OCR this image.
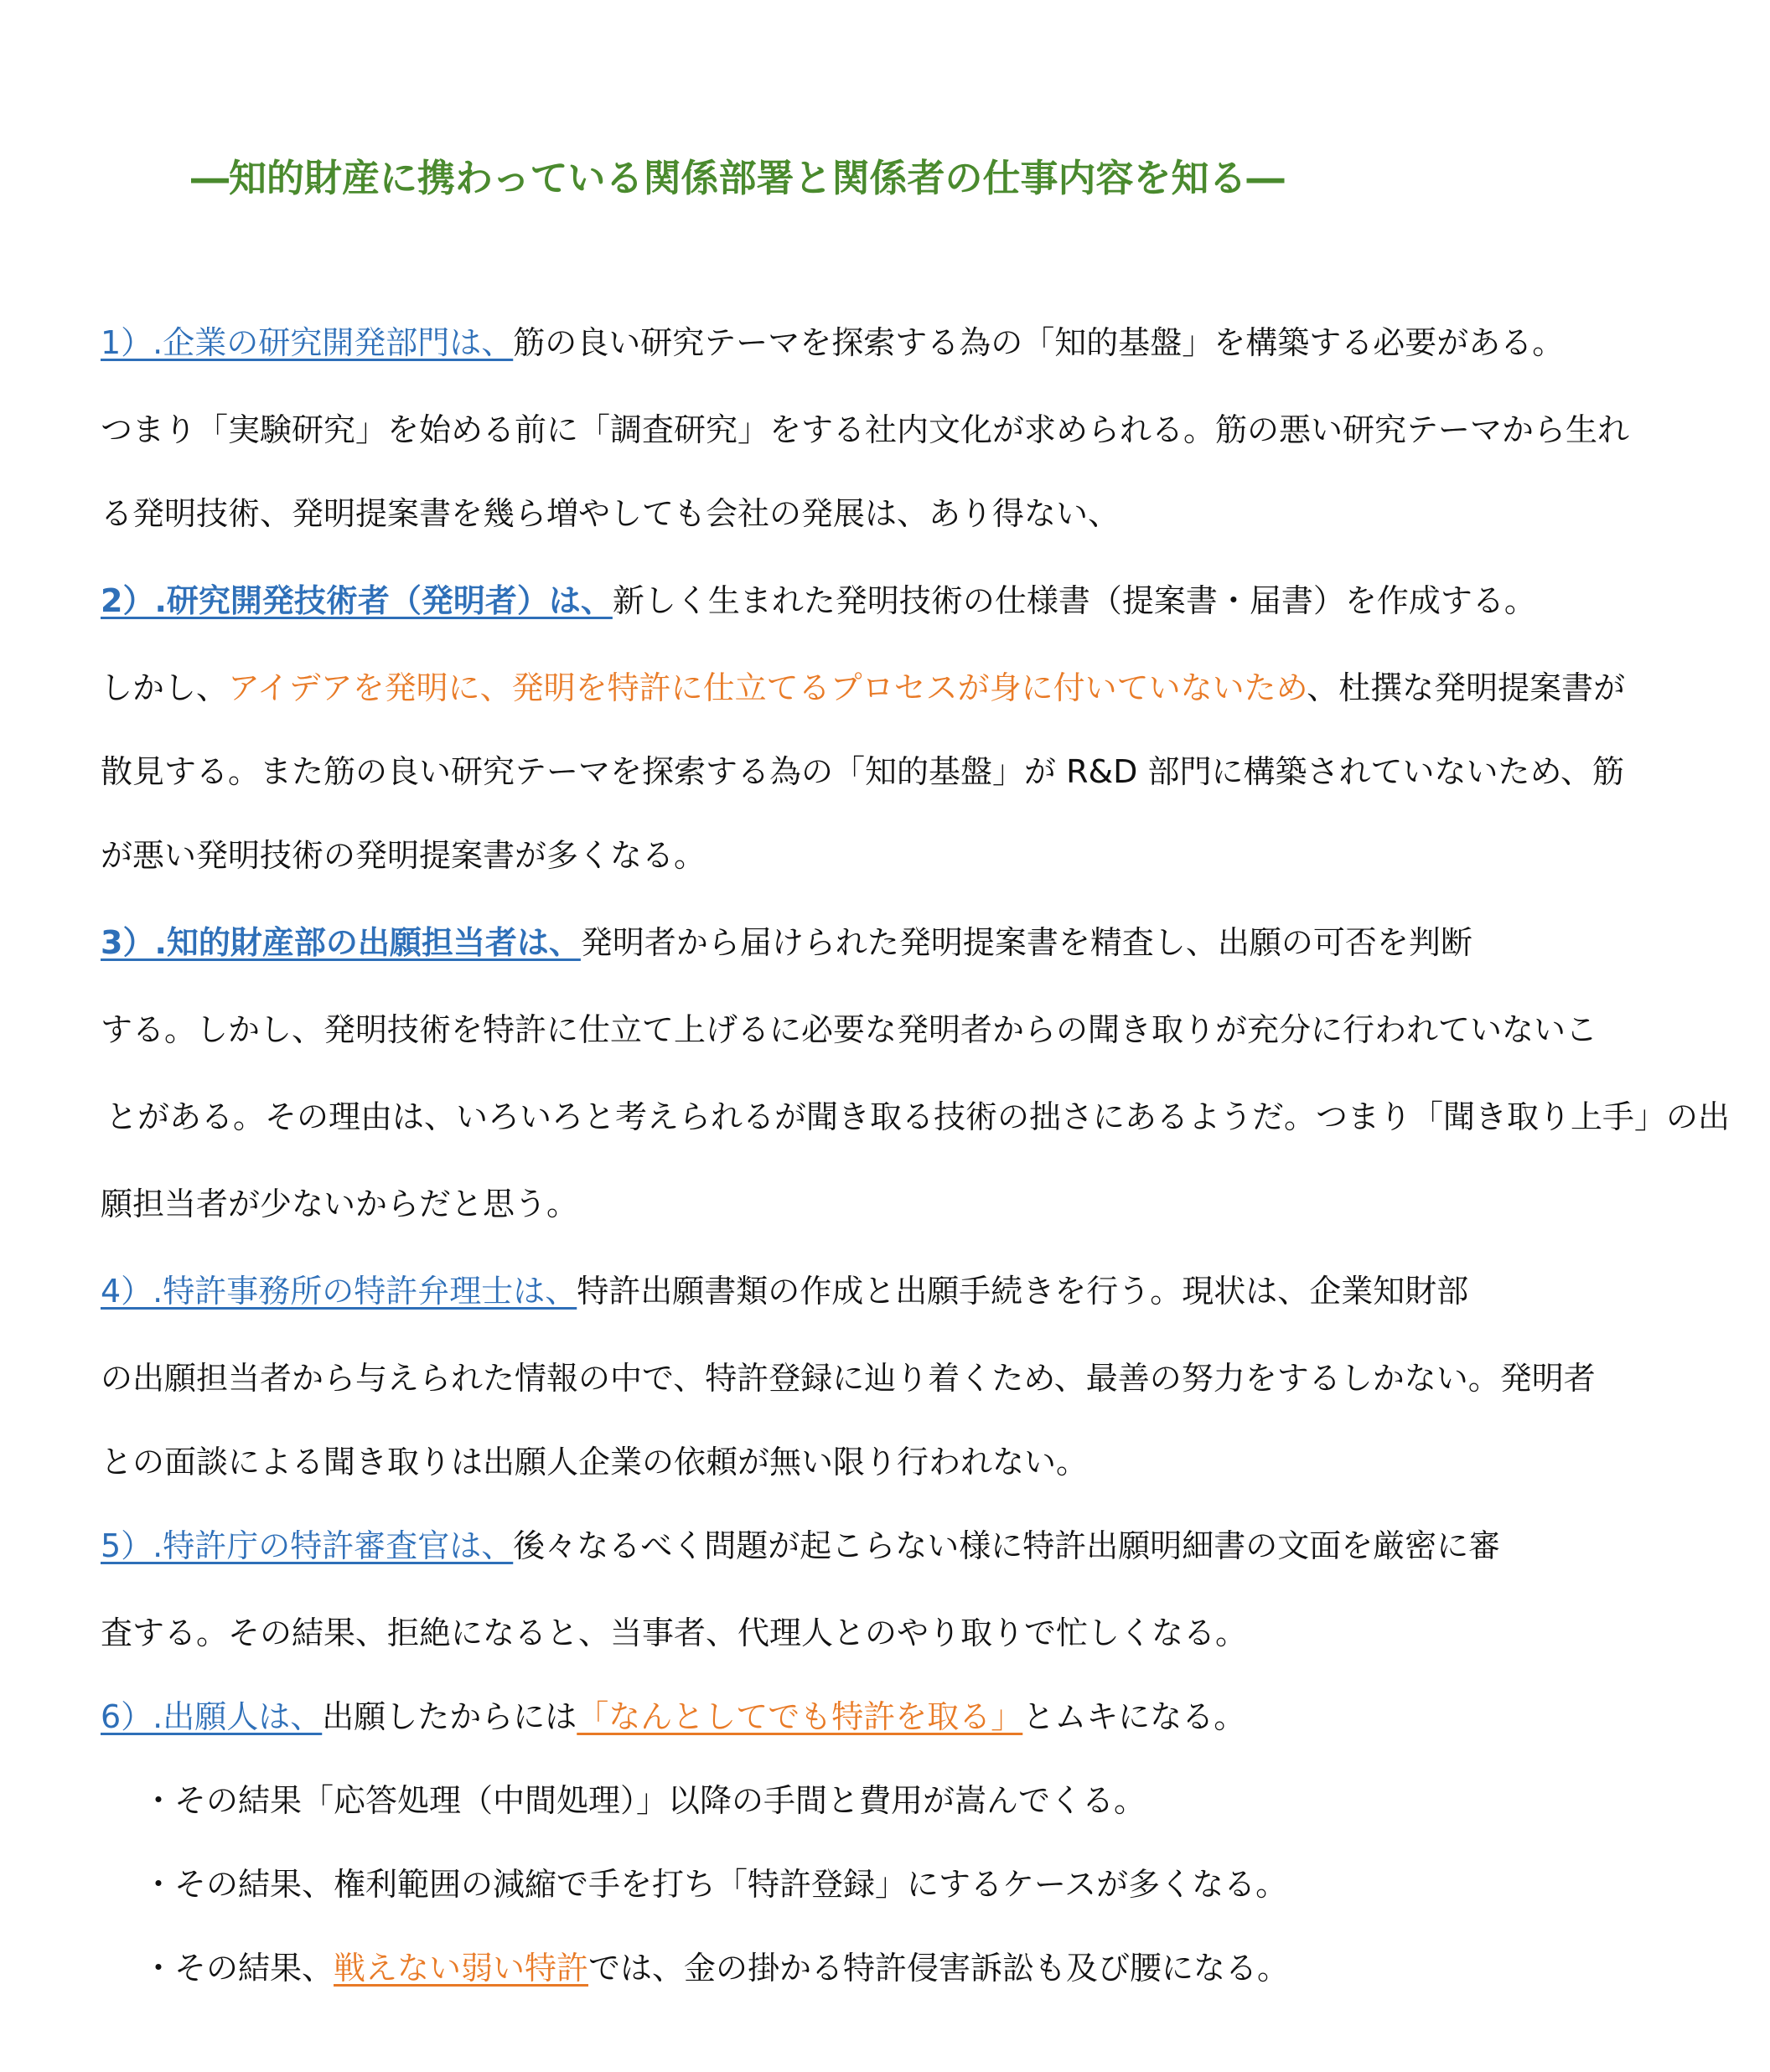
―知的財産に携わっている関係部署と関係者の仕事内容を知る―
1）.企業の研究開発部門は、筋の良い研究テーマを探索する為の「知的基盤」を構築する必要がある。
つまり「実験研究」を始める前に「調査研究」をする社内文化が求められる。筋の悪い研究テーマから生れ
る発明技術、発明提案書を幾ら増やしても会社の発展は、あり得ない、
2）.研究開発技術者（発明者）は、新しく生まれた発明技術の仕様書（提案書・届書）を作成する。
しかし、アイデアを発明に、発明を特許に仕立てるプロセスが身に付いていないため、杜撰な発明提案書が
散見する。また筋の良い研究テーマを探索する為の「知的基盤」が R&D 部門に構築されていないため、筋
が悪い発明技術の発明提案書が多くなる。
3）.知的財産部の出願担当者は、発明者から届けられた発明提案書を精査し、出願の可否を判断
する。しかし、発明技術を特許に仕立て上げるに必要な発明者からの聞き取りが充分に行われていないこ
とがある。その理由は、いろいろと考えられるが聞き取る技術の拙さにあるようだ。つまり「聞き取り上手」の出
願担当者が少ないからだと思う。
4）.特許事務所の特許弁理士は、特許出願書類の作成と出願手続きを行う。現状は、企業知財部
の出願担当者から与えられた情報の中で、特許登録に辿り着くため、最善の努力をするしかない。発明者
との面談による聞き取りは出願人企業の依頼が無い限り行われない。
5）.特許庁の特許審査官は、後々なるべく問題が起こらない様に特許出願明細書の文面を厳密に審
査する。その結果、拒絶になると、当事者、代理人とのやり取りで忙しくなる。
6）.出願人は、出願したからには「なんとしてでも特許を取る」とムキになる。
・その結果「応答処理（中間処理）」以降の手間と費用が嵩んでくる。
・その結果、権利範囲の減縮で手を打ち「特許登録」にするケースが多くなる。
・その結果、戦えない弱い特許では、金の掛かる特許侵害訴訟も及び腰になる。
